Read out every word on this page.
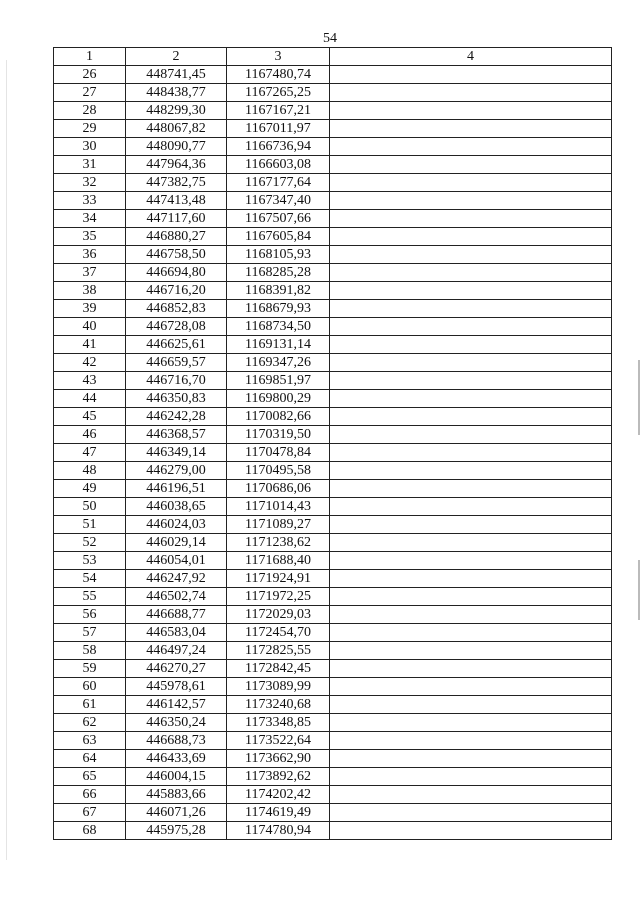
54
1	2	3	4
26	448741,45	1167480,74	
27	448438,77	1167265,25	
28	448299,30	1167167,21	
29	448067,82	1167011,97	
30	448090,77	1166736,94	
31	447964,36	1166603,08	
32	447382,75	1167177,64	
33	447413,48	1167347,40	
34	447117,60	1167507,66	
35	446880,27	1167605,84	
36	446758,50	1168105,93	
37	446694,80	1168285,28	
38	446716,20	1168391,82	
39	446852,83	1168679,93	
40	446728,08	1168734,50	
41	446625,61	1169131,14	
42	446659,57	1169347,26	
43	446716,70	1169851,97	
44	446350,83	1169800,29	
45	446242,28	1170082,66	
46	446368,57	1170319,50	
47	446349,14	1170478,84	
48	446279,00	1170495,58	
49	446196,51	1170686,06	
50	446038,65	1171014,43	
51	446024,03	1171089,27	
52	446029,14	1171238,62	
53	446054,01	1171688,40	
54	446247,92	1171924,91	
55	446502,74	1171972,25	
56	446688,77	1172029,03	
57	446583,04	1172454,70	
58	446497,24	1172825,55	
59	446270,27	1172842,45	
60	445978,61	1173089,99	
61	446142,57	1173240,68	
62	446350,24	1173348,85	
63	446688,73	1173522,64	
64	446433,69	1173662,90	
65	446004,15	1173892,62	
66	445883,66	1174202,42	
67	446071,26	1174619,49	
68	445975,28	1174780,94	
